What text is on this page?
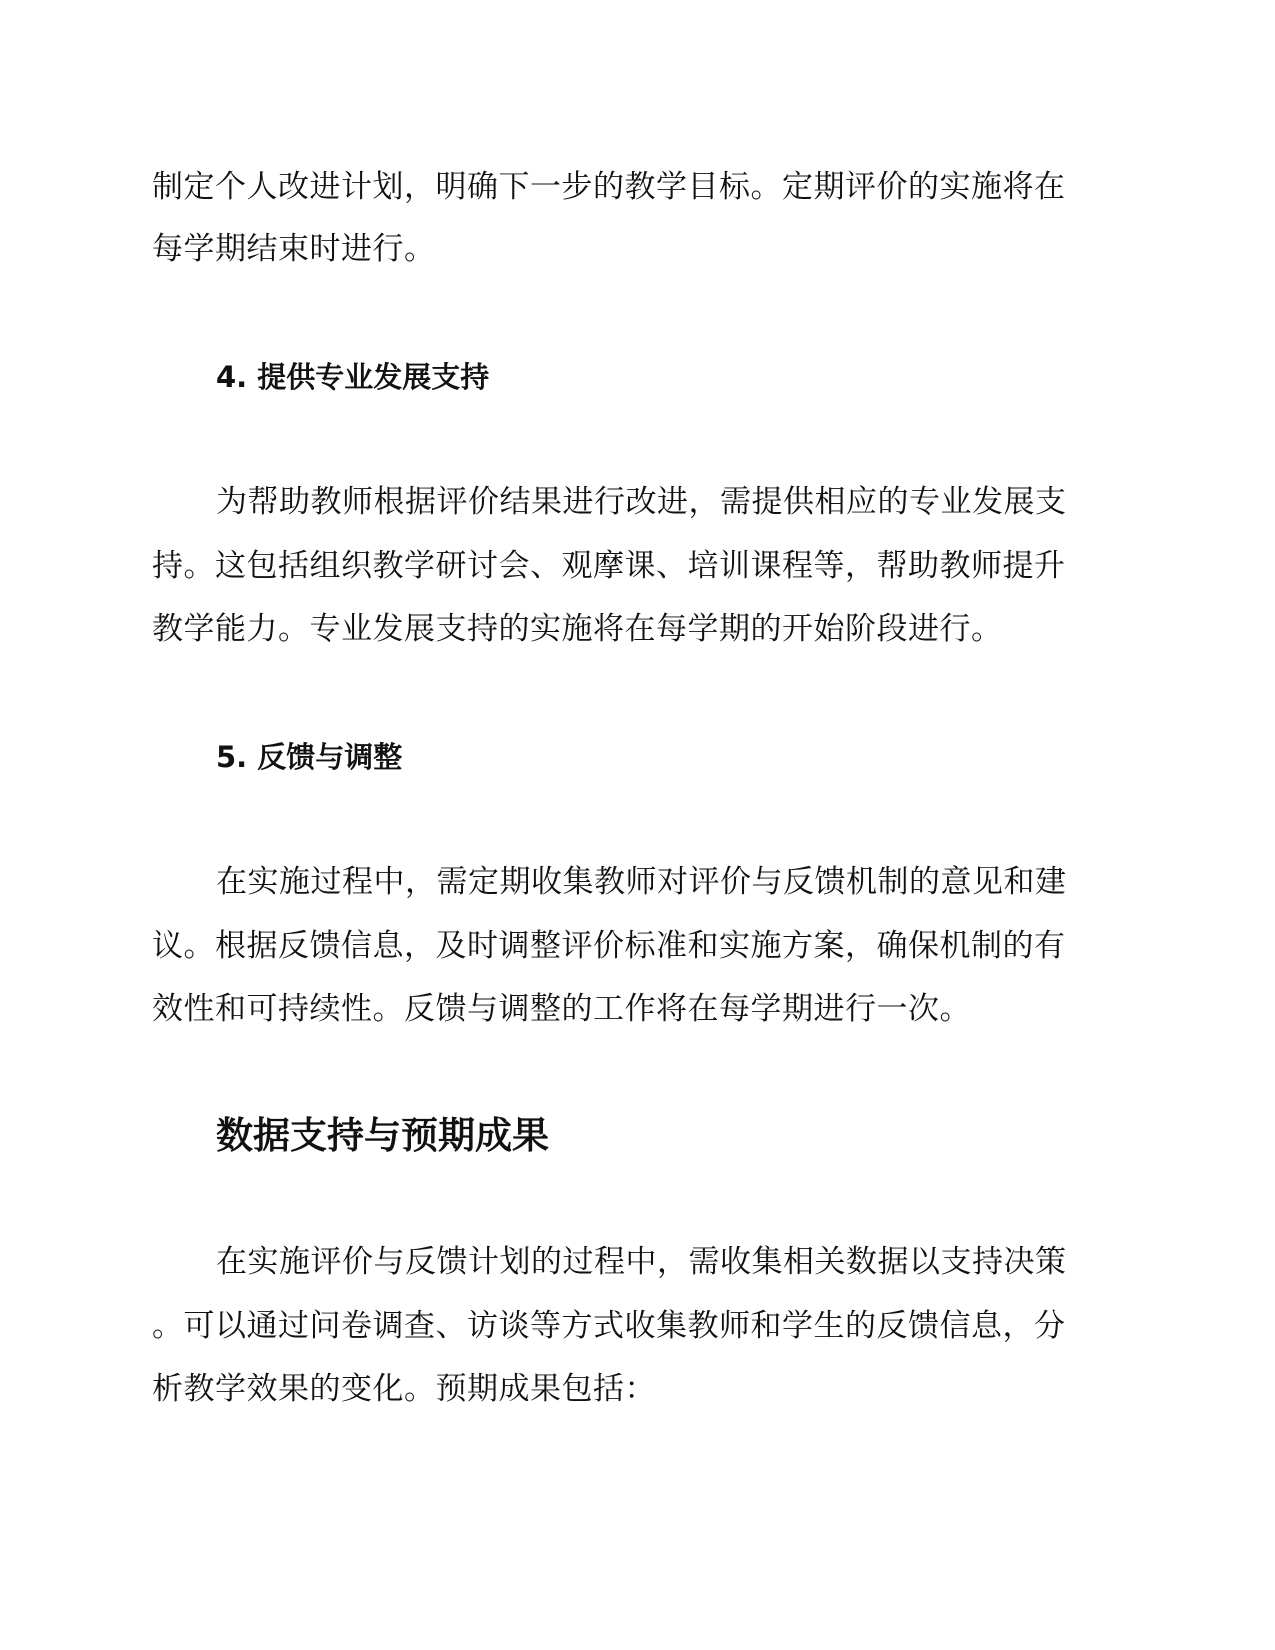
制定个人改进计划，明确下一步的教学目标。定期评价的实施将在
每学期结束时进行。
4. 提供专业发展支持
为帮助教师根据评价结果进行改进，需提供相应的专业发展支
持。这包括组织教学研讨会、观摩课、培训课程等，帮助教师提升
教学能力。专业发展支持的实施将在每学期的开始阶段进行。
5. 反馈与调整
在实施过程中，需定期收集教师对评价与反馈机制的意见和建
议。根据反馈信息，及时调整评价标准和实施方案，确保机制的有
效性和可持续性。反馈与调整的工作将在每学期进行一次。
数据支持与预期成果
在实施评价与反馈计划的过程中，需收集相关数据以支持决策
。可以通过问卷调查、访谈等方式收集教师和学生的反馈信息，分
析教学效果的变化。预期成果包括：
